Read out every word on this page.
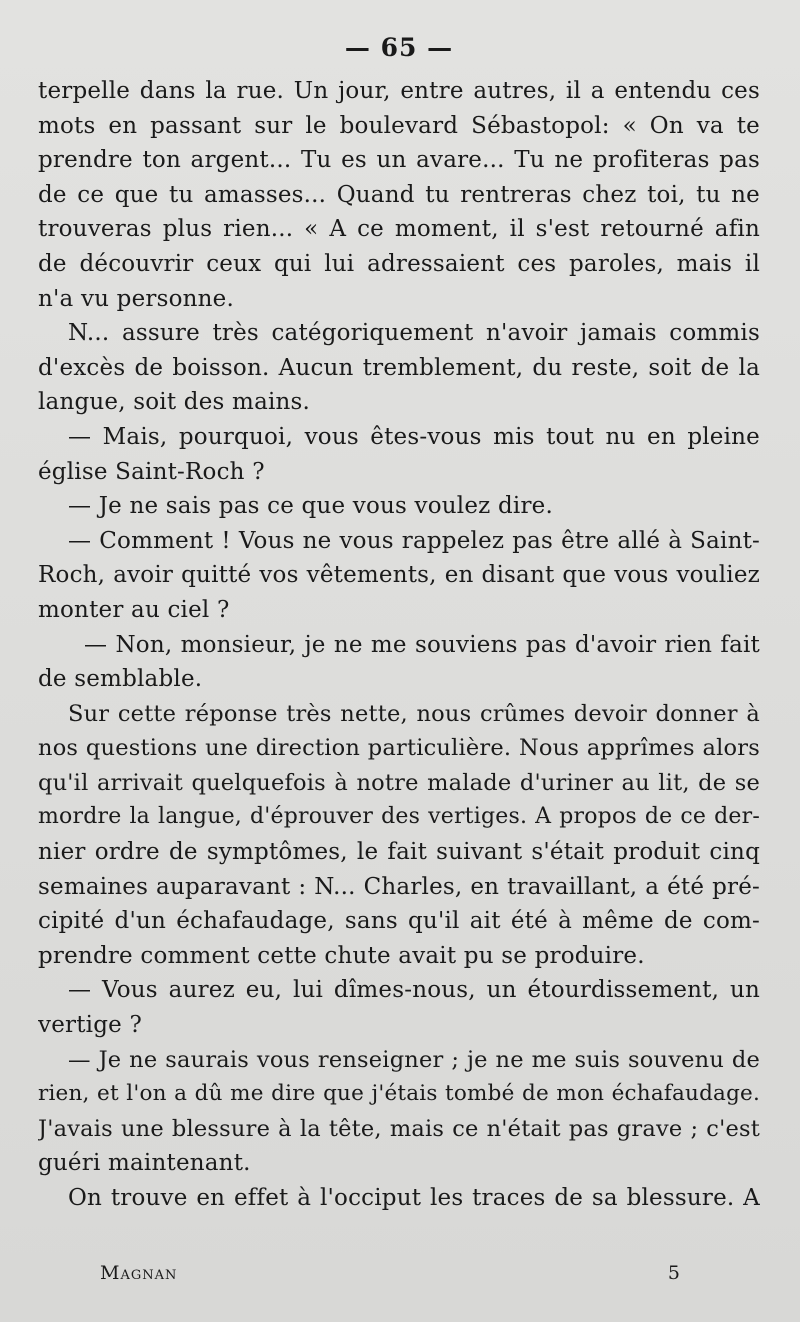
— 65 —
terpelle dans la rue. Un jour, entre autres, il a entendu ces
mots en passant sur le boulevard Sébastopol: « On va te
prendre ton argent... Tu es un avare... Tu ne profiteras pas
de ce que tu amasses... Quand tu rentreras chez toi, tu ne
trouveras plus rien... « A ce moment, il s'est retourné afin
de découvrir ceux qui lui adressaient ces paroles, mais il
n'a vu personne.
N... assure très catégoriquement n'avoir jamais commis
d'excès de boisson. Aucun tremblement, du reste, soit de la
langue, soit des mains.
— Mais, pourquoi, vous êtes-vous mis tout nu en pleine
église Saint-Roch ?
— Je ne sais pas ce que vous voulez dire.
— Comment ! Vous ne vous rappelez pas être allé à Saint-
Roch, avoir quitté vos vêtements, en disant que vous vouliez
monter au ciel ?
— Non, monsieur, je ne me souviens pas d'avoir rien fait
de semblable.
Sur cette réponse très nette, nous crûmes devoir donner à
nos questions une direction particulière. Nous apprîmes alors
qu'il arrivait quelquefois à notre malade d'uriner au lit, de se
mordre la langue, d'éprouver des vertiges. A propos de ce der-
nier ordre de symptômes, le fait suivant s'était produit cinq
semaines auparavant : N... Charles, en travaillant, a été pré-
cipité d'un échafaudage, sans qu'il ait été à même de com-
prendre comment cette chute avait pu se produire.
— Vous aurez eu, lui dîmes-nous, un étourdissement, un
vertige ?
— Je ne saurais vous renseigner ; je ne me suis souvenu de
rien, et l'on a dû me dire que j'étais tombé de mon échafaudage.
J'avais une blessure à la tête, mais ce n'était pas grave ; c'est
guéri maintenant.
On trouve en effet à l'occiput les traces de sa blessure. A
Magnan	5
